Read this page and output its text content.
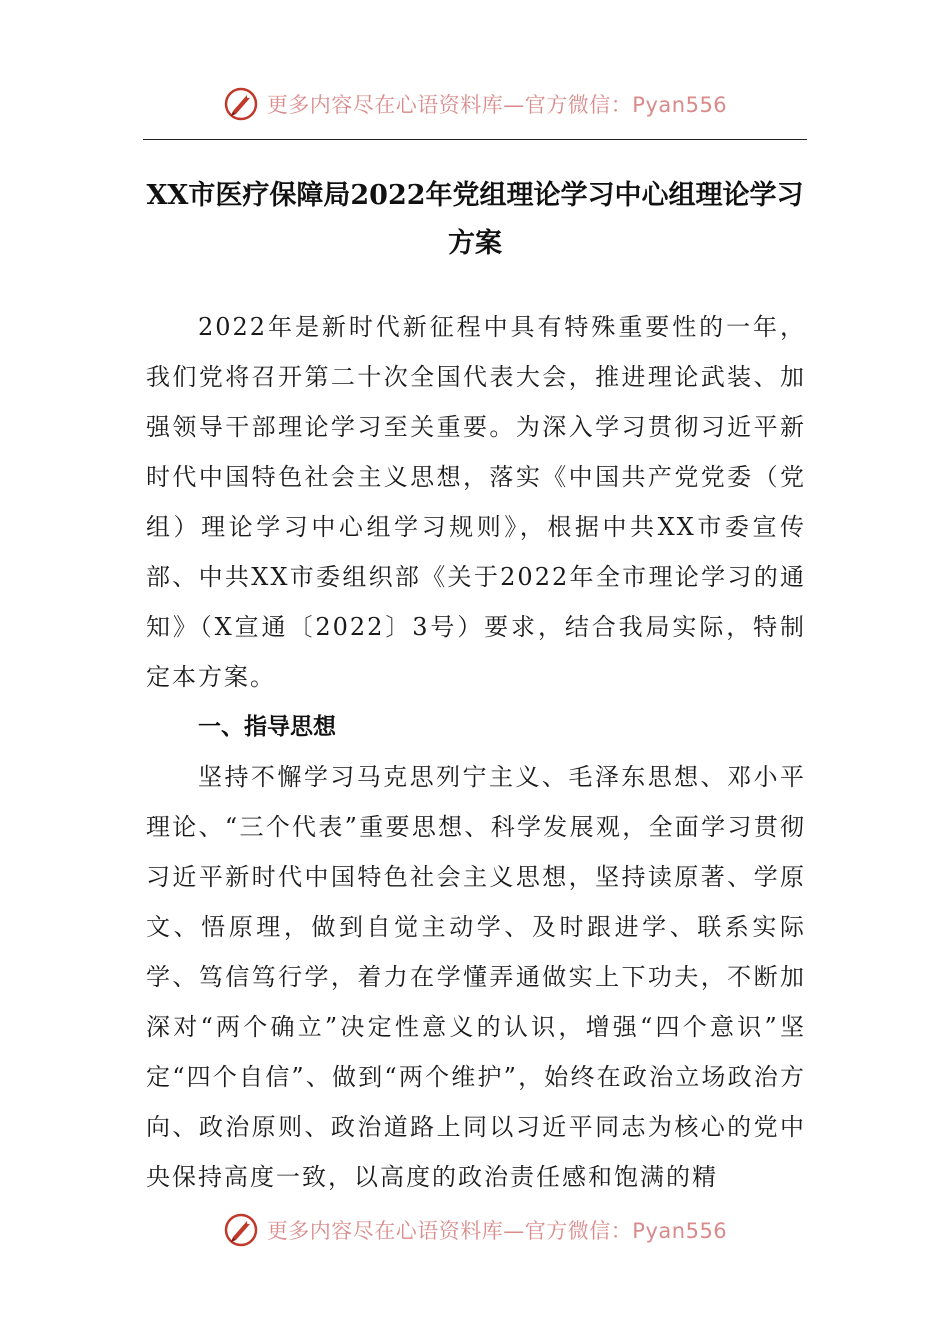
更多内容尽在心语资料库—官方微信：Pyan556
XX市医疗保障局2022年党组理论学习中心组理论学习方案

2022年是新时代新征程中具有特殊重要性的一年，我们党将召开第二十次全国代表大会，推进理论武装、加强领导干部理论学习至关重要。为深入学习贯彻习近平新时代中国特色社会主义思想，落实《中国共产党党委（党组）理论学习中心组学习规则》，根据中共XX市委宣传部、中共XX市委组织部《关于2022年全市理论学习的通知》（X宣通〔2022〕3号）要求，结合我局实际，特制定本方案。

一、指导思想

坚持不懈学习马克思列宁主义、毛泽东思想、邓小平理论、“三个代表”重要思想、科学发展观，全面学习贯彻习近平新时代中国特色社会主义思想，坚持读原著、学原文、悟原理，做到自觉主动学、及时跟进学、联系实际学、笃信笃行学，着力在学懂弄通做实上下功夫，不断加深对“两个确立”决定性意义的认识，增强“四个意识”坚定“四个自信”、做到“两个维护”，始终在政治立场政治方向、政治原则、政治道路上同以习近平同志为核心的党中央保持高度一致，以高度的政治责任感和饱满的精

更多内容尽在心语资料库—官方微信：Pyan556
